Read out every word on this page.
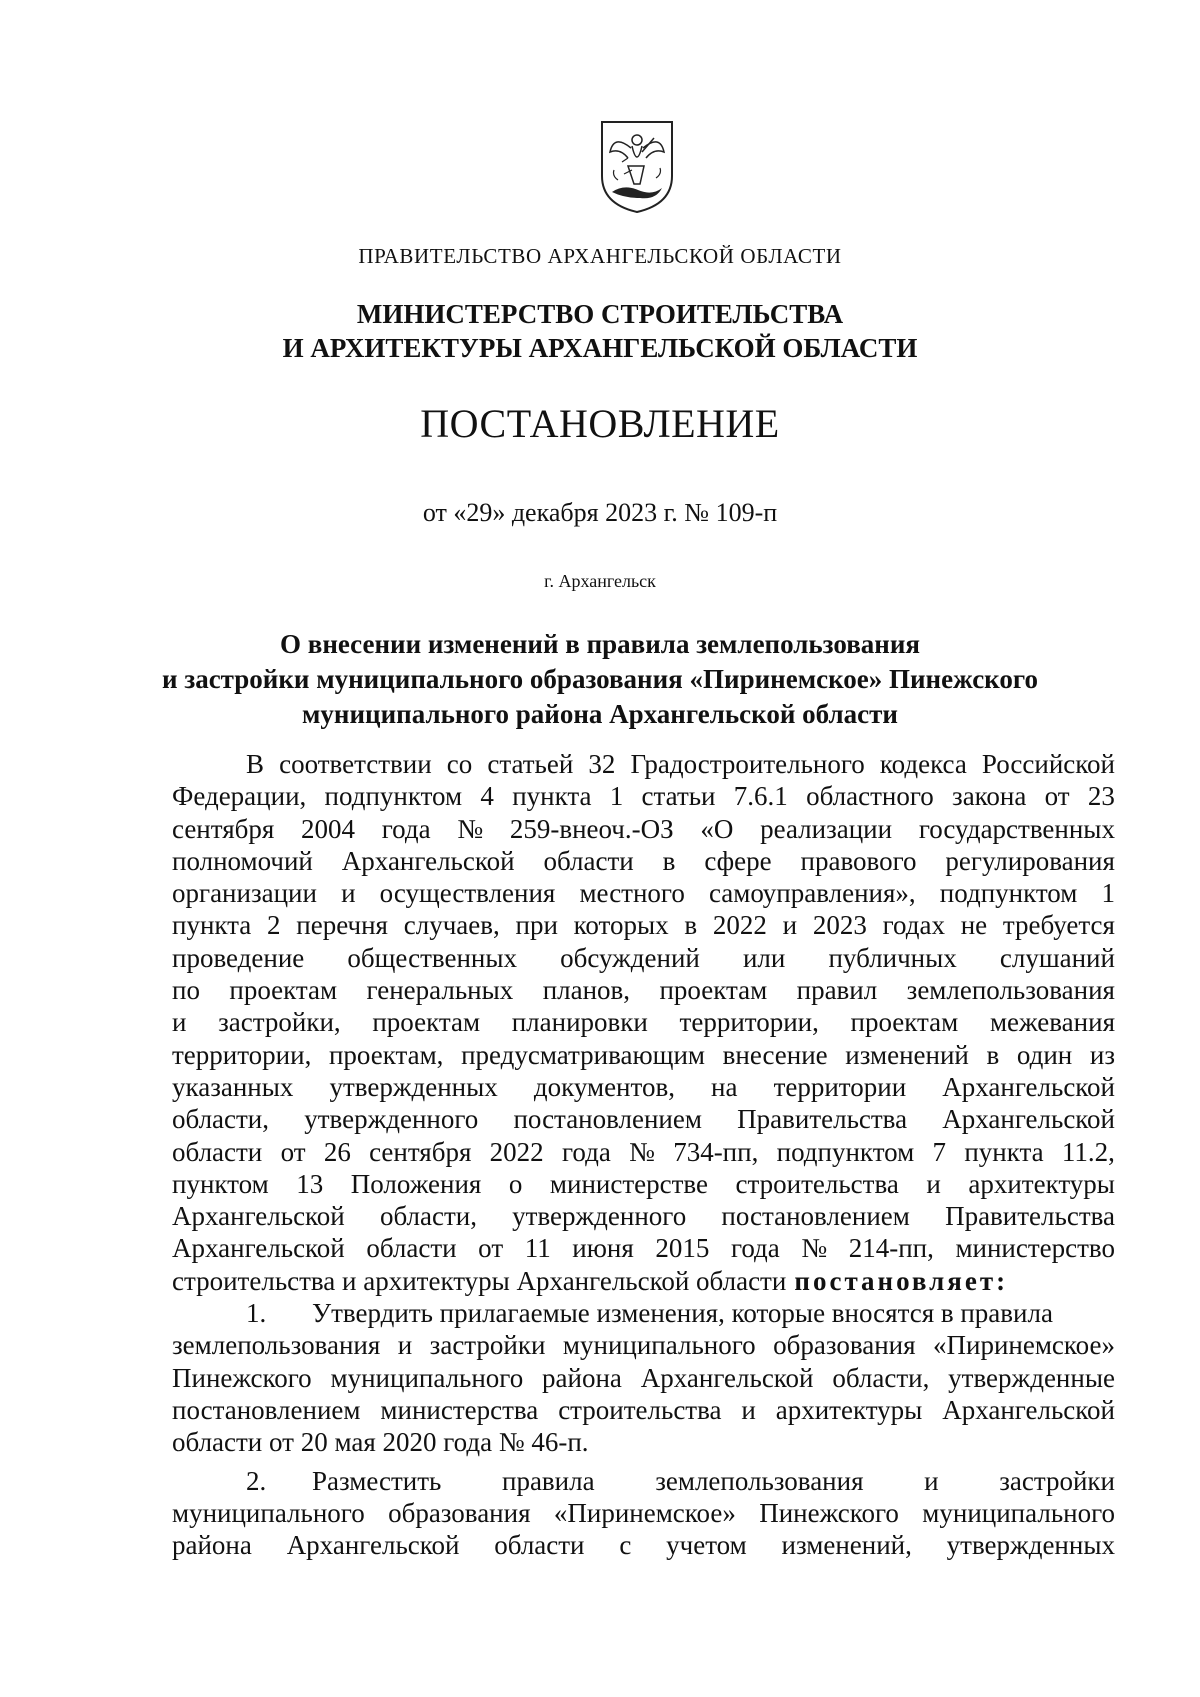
ПРАВИТЕЛЬСТВО АРХАНГЕЛЬСКОЙ ОБЛАСТИ
МИНИСТЕРСТВО СТРОИТЕЛЬСТВА
И АРХИТЕКТУРЫ АРХАНГЕЛЬСКОЙ ОБЛАСТИ
ПОСТАНОВЛЕНИЕ
от «29» декабря 2023 г. № 109-п
г. Архангельск
О внесении изменений в правила землепользования
и застройки муниципального образования «Пиринемское» Пинежского
муниципального района Архангельской области
В соответствии со статьей 32 Градостроительного кодекса Российской
Федерации, подпунктом 4 пункта 1 статьи 7.6.1 областного закона от 23
сентября 2004 года № 259-внеоч.-ОЗ «О реализации государственных
полномочий Архангельской области в сфере правового регулирования
организации и осуществления местного самоуправления», подпунктом 1
пункта 2 перечня случаев, при которых в 2022 и 2023 годах не требуется
проведение общественных обсуждений или публичных слушаний
по проектам генеральных планов, проектам правил землепользования
и застройки, проектам планировки территории, проектам межевания
территории, проектам, предусматривающим внесение изменений в один из
указанных утвержденных документов, на территории Архангельской
области, утвержденного постановлением Правительства Архангельской
области от 26 сентября 2022 года № 734-пп, подпунктом 7 пункта 11.2,
пунктом 13 Положения о министерстве строительства и архитектуры
Архангельской области, утвержденного постановлением Правительства
Архангельской области от 11 июня 2015 года № 214-пп, министерство
строительства и архитектуры Архангельской области постановляет :
1.	Утвердить прилагаемые изменения, которые вносятся в правила
землепользования и застройки муниципального образования «Пиринемское»
Пинежского муниципального района Архангельской области, утвержденные
постановлением министерства строительства и архитектуры Архангельской
области от 20 мая 2020 года № 46-п.
2.	Разместить правила землепользования и застройки
муниципального образования «Пиринемское» Пинежского муниципального
района Архангельской области с учетом изменений, утвержденных
